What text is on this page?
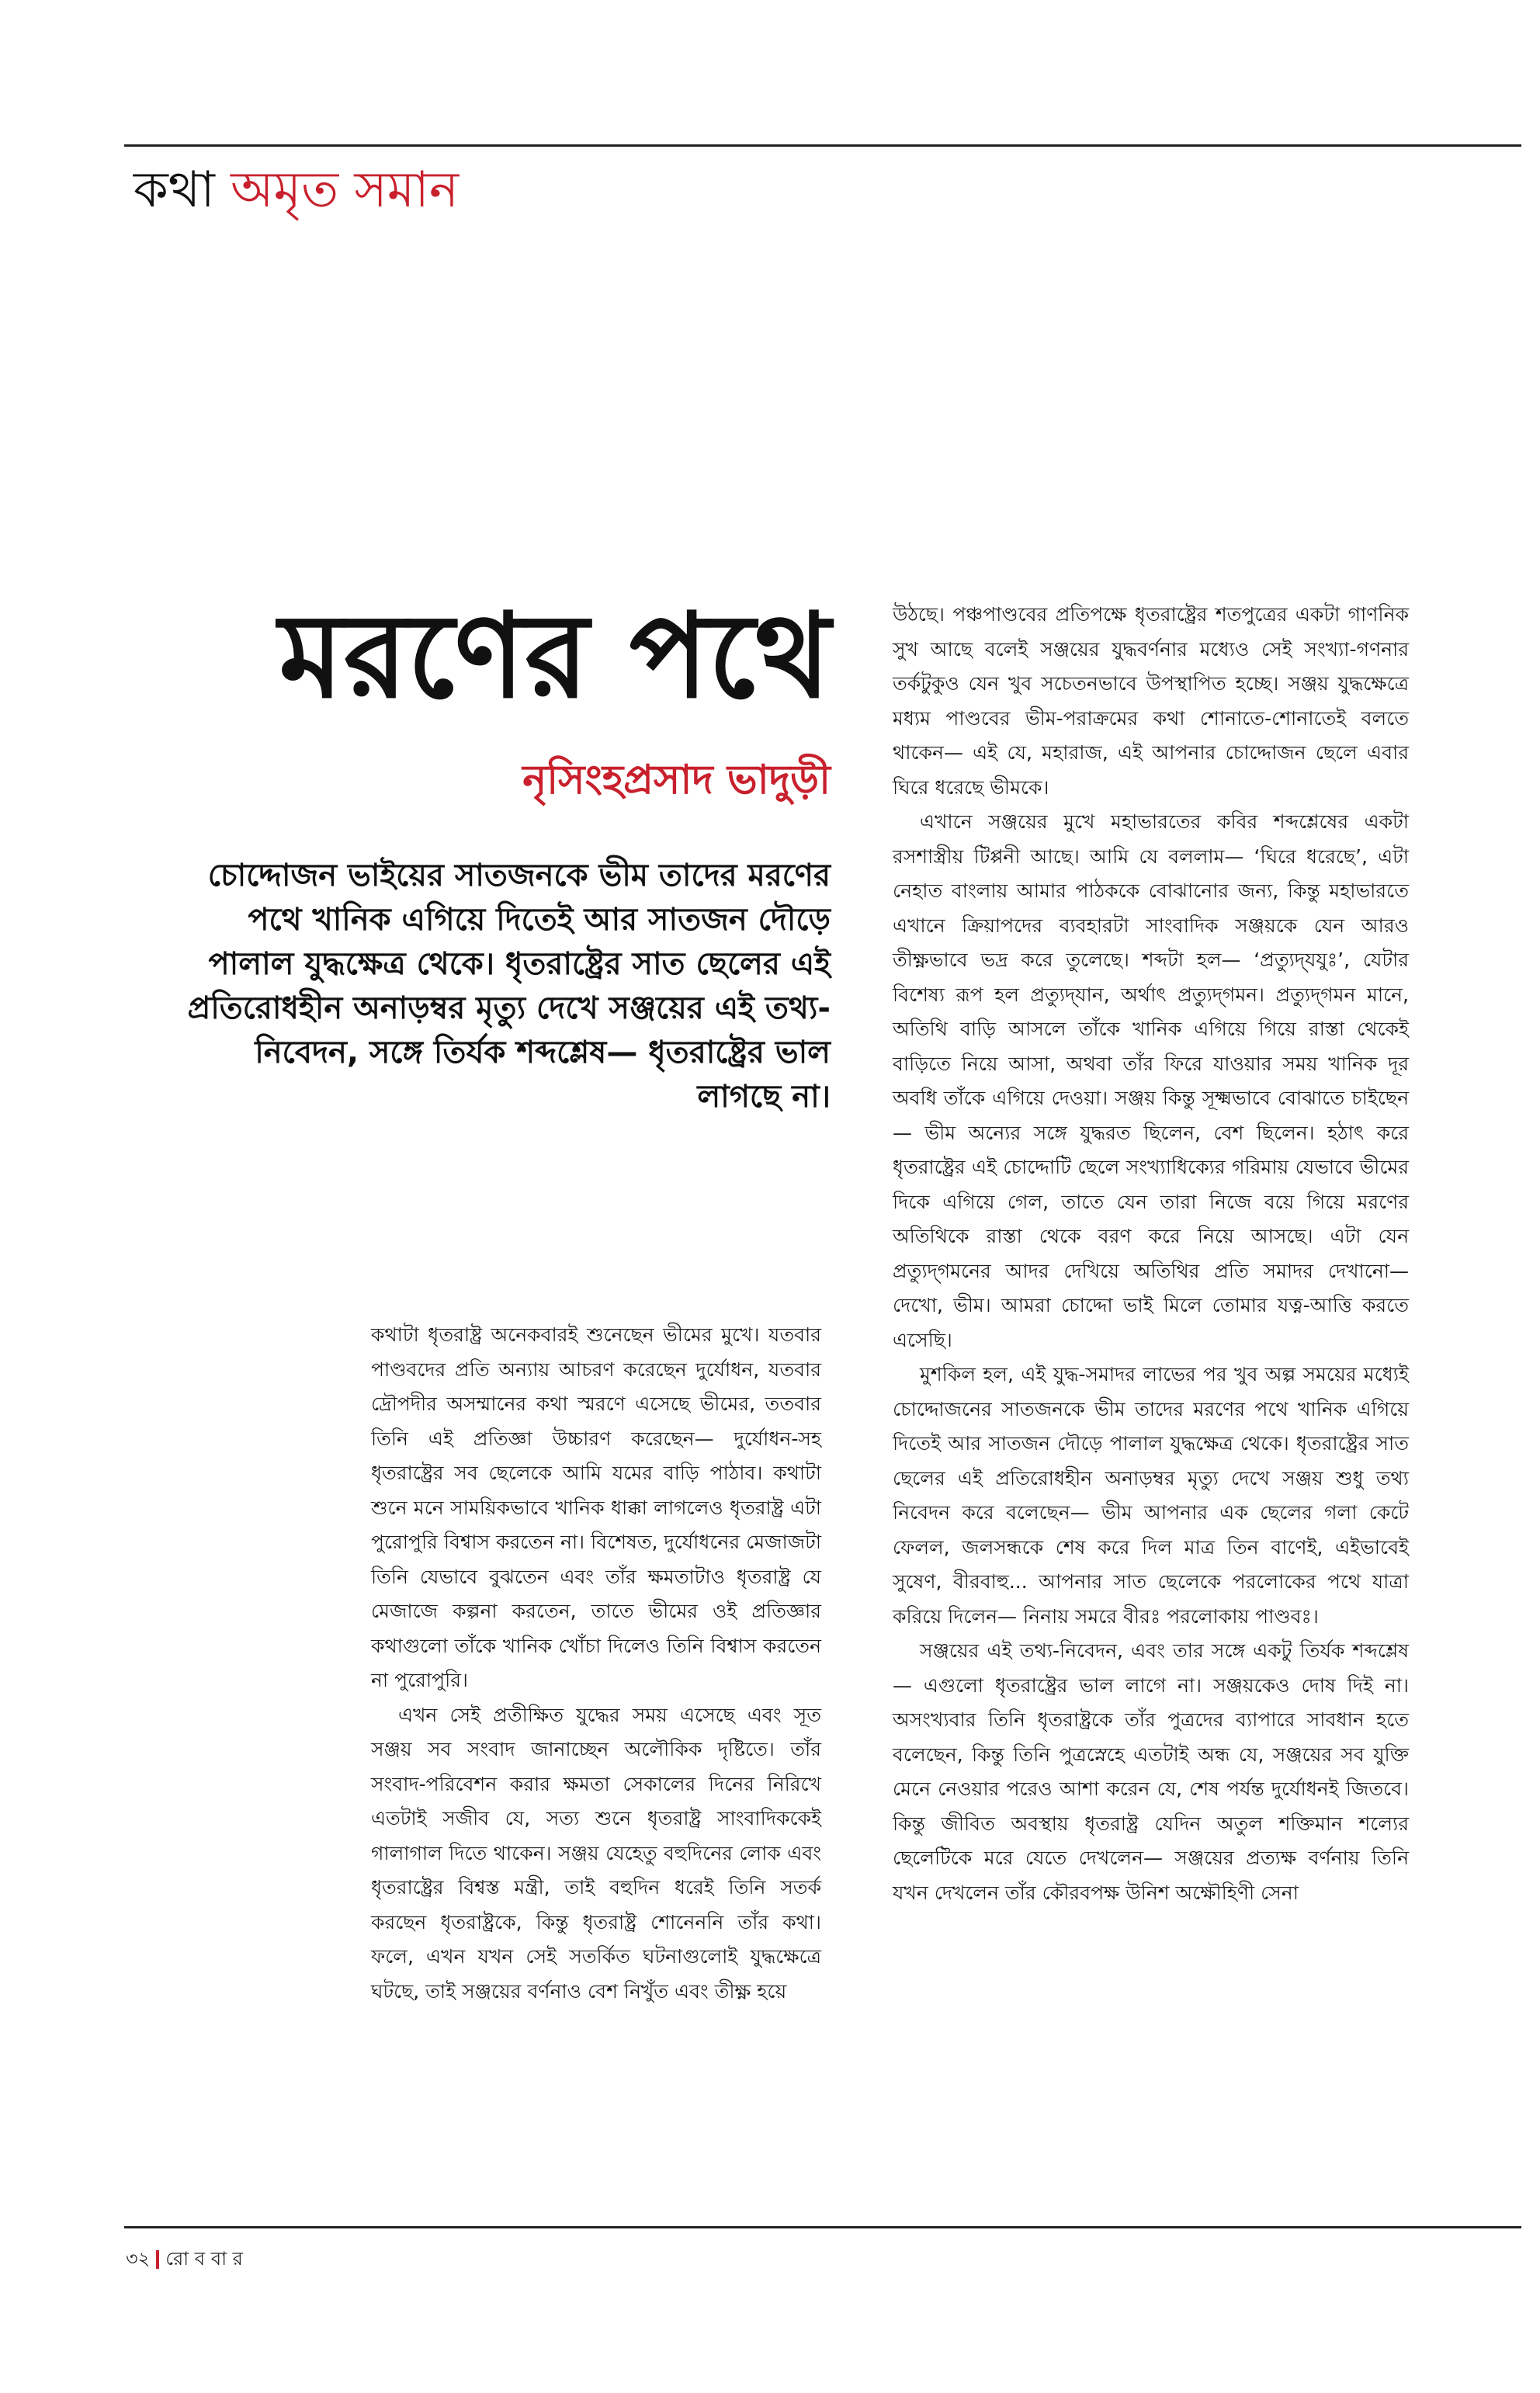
কথা অমৃত সমান
মরণের পথে
নৃসিংহপ্রসাদ ভাদুড়ী
চোদ্দোজন ভাইয়ের সাতজনকে ভীম তাদের মরণের পথে খানিক এগিয়ে দিতেই আর সাতজন দৌড়ে পালাল যুদ্ধক্ষেত্র থেকে। ধৃতরাষ্ট্রের সাত ছেলের এই প্রতিরোধহীন অনাড়ম্বর মৃত্যু দেখে সঞ্জয়ের এই তথ্য-নিবেদন, সঙ্গে তির্যক শব্দশ্লেষ— ধৃতরাষ্ট্রের ভাল লাগছে না।

কথাটা ধৃতরাষ্ট্র অনেকবারই শুনেছেন ভীমের মুখে। যতবার পাণ্ডবদের প্রতি অন্যায় আচরণ করেছেন দুর্যোধন, যতবার দ্রৌপদীর অসম্মানের কথা স্মরণে এসেছে ভীমের, ততবার তিনি এই প্রতিজ্ঞা উচ্চারণ করেছেন— দুর্যোধন-সহ ধৃতরাষ্ট্রের সব ছেলেকে আমি যমের বাড়ি পাঠাব। কথাটা শুনে মনে সাময়িকভাবে খানিক ধাক্কা লাগলেও ধৃতরাষ্ট্র এটা পুরোপুরি বিশ্বাস করতেন না। বিশেষত, দুর্যোধনের মেজাজটা তিনি যেভাবে বুঝতেন এবং তাঁর ক্ষমতাটাও ধৃতরাষ্ট্র যে মেজাজে কল্পনা করতেন, তাতে ভীমের ওই প্রতিজ্ঞার কথাগুলো তাঁকে খানিক খোঁচা দিলেও তিনি বিশ্বাস করতেন না পুরোপুরি।

এখন সেই প্রতীক্ষিত যুদ্ধের সময় এসেছে এবং সূত সঞ্জয় সব সংবাদ জানাচ্ছেন অলৌকিক দৃষ্টিতে। তাঁর সংবাদ-পরিবেশন করার ক্ষমতা সেকালের দিনের নিরিখে এতটাই সজীব যে, সত্য শুনে ধৃতরাষ্ট্র সাংবাদিককেই গালাগাল দিতে থাকেন। সঞ্জয় যেহেতু বহুদিনের লোক এবং ধৃতরাষ্ট্রের বিশ্বস্ত মন্ত্রী, তাই বহুদিন ধরেই তিনি সতর্ক করছেন ধৃতরাষ্ট্রকে, কিন্তু ধৃতরাষ্ট্র শোনেননি তাঁর কথা। ফলে, এখন যখন সেই সতর্কিত ঘটনাগুলোই যুদ্ধক্ষেত্রে ঘটছে, তাই সঞ্জয়ের বর্ণনাও বেশ নিখুঁত এবং তীক্ষ্ণ হয়ে

উঠছে। পঞ্চপাণ্ডবের প্রতিপক্ষে ধৃতরাষ্ট্রের শতপুত্রের একটা গাণনিক সুখ আছে বলেই সঞ্জয়ের যুদ্ধবর্ণনার মধ্যেও সেই সংখ্যা-গণনার তর্কটুকুও যেন খুব সচেতনভাবে উপস্থাপিত হচ্ছে। সঞ্জয় যুদ্ধক্ষেত্রে মধ্যম পাণ্ডবের ভীম-পরাক্রমের কথা শোনাতে-শোনাতেই বলতে থাকেন— এই যে, মহারাজ, এই আপনার চোদ্দোজন ছেলে এবার ঘিরে ধরেছে ভীমকে।

এখানে সঞ্জয়ের মুখে মহাভারতের কবির শব্দশ্লেষের একটা রসশাস্ত্রীয় টিপ্পনী আছে। আমি যে বললাম— ‘ঘিরে ধরেছে’, এটা নেহাত বাংলায় আমার পাঠককে বোঝানোর জন্য, কিন্তু মহাভারতে এখানে ক্রিয়াপদের ব্যবহারটা সাংবাদিক সঞ্জয়কে যেন আরও তীক্ষ্ণভাবে ভদ্র করে তুলেছে। শব্দটা হল— ‘প্রত্যুদ্‌যযুঃ’, যেটার বিশেষ্য রূপ হল প্রত্যুদ্‌যান, অর্থাৎ প্রত্যুদ্‌গমন। প্রত্যুদ্‌গমন মানে, অতিথি বাড়ি আসলে তাঁকে খানিক এগিয়ে গিয়ে রাস্তা থেকেই বাড়িতে নিয়ে আসা, অথবা তাঁর ফিরে যাওয়ার সময় খানিক দূর অবধি তাঁকে এগিয়ে দেওয়া। সঞ্জয় কিন্তু সূক্ষ্মভাবে বোঝাতে চাইছেন— ভীম অন্যের সঙ্গে যুদ্ধরত ছিলেন, বেশ ছিলেন। হঠাৎ করে ধৃতরাষ্ট্রের এই চোদ্দোটি ছেলে সংখ্যাধিক্যের গরিমায় যেভাবে ভীমের দিকে এগিয়ে গেল, তাতে যেন তারা নিজে বয়ে গিয়ে মরণের অতিথিকে রাস্তা থেকে বরণ করে নিয়ে আসছে। এটা যেন প্রত্যুদ্‌গমনের আদর দেখিয়ে অতিথির প্রতি সমাদর দেখানো— দেখো, ভীম। আমরা চোদ্দো ভাই মিলে তোমার যত্ন-আত্তি করতে এসেছি।

মুশকিল হল, এই যুদ্ধ-সমাদর লাভের পর খুব অল্প সময়ের মধ্যেই চোদ্দোজনের সাতজনকে ভীম তাদের মরণের পথে খানিক এগিয়ে দিতেই আর সাতজন দৌড়ে পালাল যুদ্ধক্ষেত্র থেকে। ধৃতরাষ্ট্রের সাত ছেলের এই প্রতিরোধহীন অনাড়ম্বর মৃত্যু দেখে সঞ্জয় শুধু তথ্য নিবেদন করে বলেছেন— ভীম আপনার এক ছেলের গলা কেটে ফেলল, জলসন্ধকে শেষ করে দিল মাত্র তিন বাণেই, এইভাবেই সুষেণ, বীরবাহু... আপনার সাত ছেলেকে পরলোকের পথে যাত্রা করিয়ে দিলেন— নিনায় সমরে বীরঃ পরলোকায় পাণ্ডবঃ।

সঞ্জয়ের এই তথ্য-নিবেদন, এবং তার সঙ্গে একটু তির্যক শব্দশ্লেষ— এগুলো ধৃতরাষ্ট্রের ভাল লাগে না। সঞ্জয়কেও দোষ দিই না। অসংখ্যবার তিনি ধৃতরাষ্ট্রকে তাঁর পুত্রদের ব্যাপারে সাবধান হতে বলেছেন, কিন্তু তিনি পুত্রস্নেহে এতটাই অন্ধ যে, সঞ্জয়ের সব যুক্তি মেনে নেওয়ার পরেও আশা করেন যে, শেষ পর্যন্ত দুর্যোধনই জিতবে। কিন্তু জীবিত অবস্থায় ধৃতরাষ্ট্র যেদিন অতুল শক্তিমান শল্যের ছেলেটিকে মরে যেতে দেখলেন— সঞ্জয়ের প্রত্যক্ষ বর্ণনায় তিনি যখন দেখলেন তাঁর কৌরবপক্ষ উনিশ অক্ষৌহিণী সেনা

৩২ রো ব বা র
